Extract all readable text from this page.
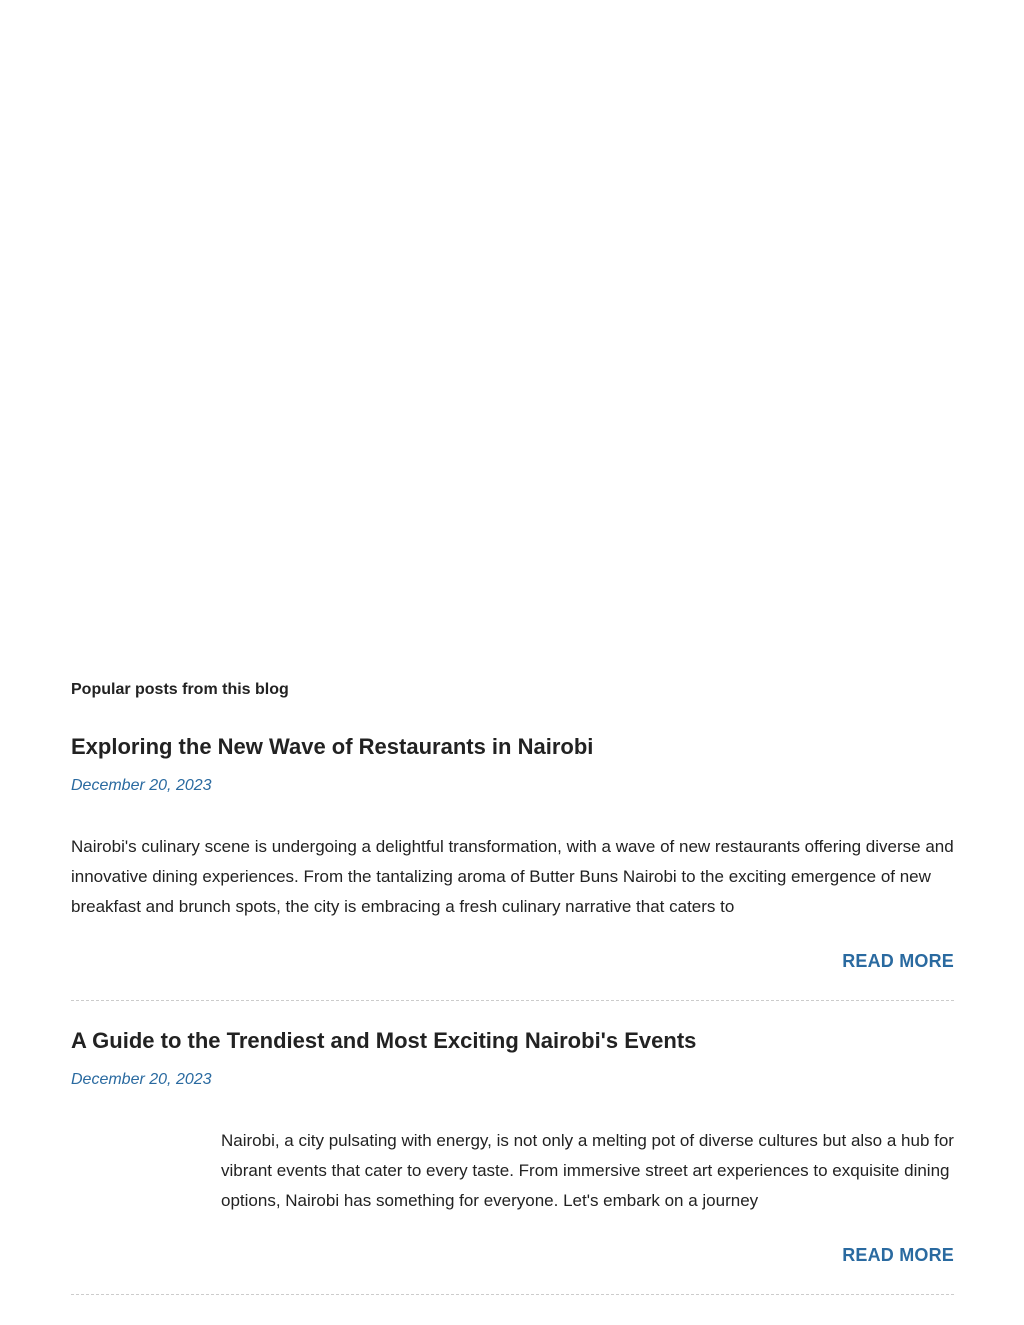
Popular posts from this blog
Exploring the New Wave of Restaurants in Nairobi
December 20, 2023
Nairobi's culinary scene is undergoing a delightful transformation, with a wave of new restaurants offering diverse and innovative dining experiences. From the tantalizing aroma of Butter Buns Nairobi to the exciting emergence of new breakfast and brunch spots, the city is embracing a fresh culinary narrative that caters to
READ MORE
A Guide to the Trendiest and Most Exciting Nairobi's Events
December 20, 2023
Nairobi, a city pulsating with energy, is not only a melting pot of diverse cultures but also a hub for vibrant events that cater to every taste. From immersive street art experiences to exquisite dining options, Nairobi has something for everyone. Let's embark on a journey
READ MORE
